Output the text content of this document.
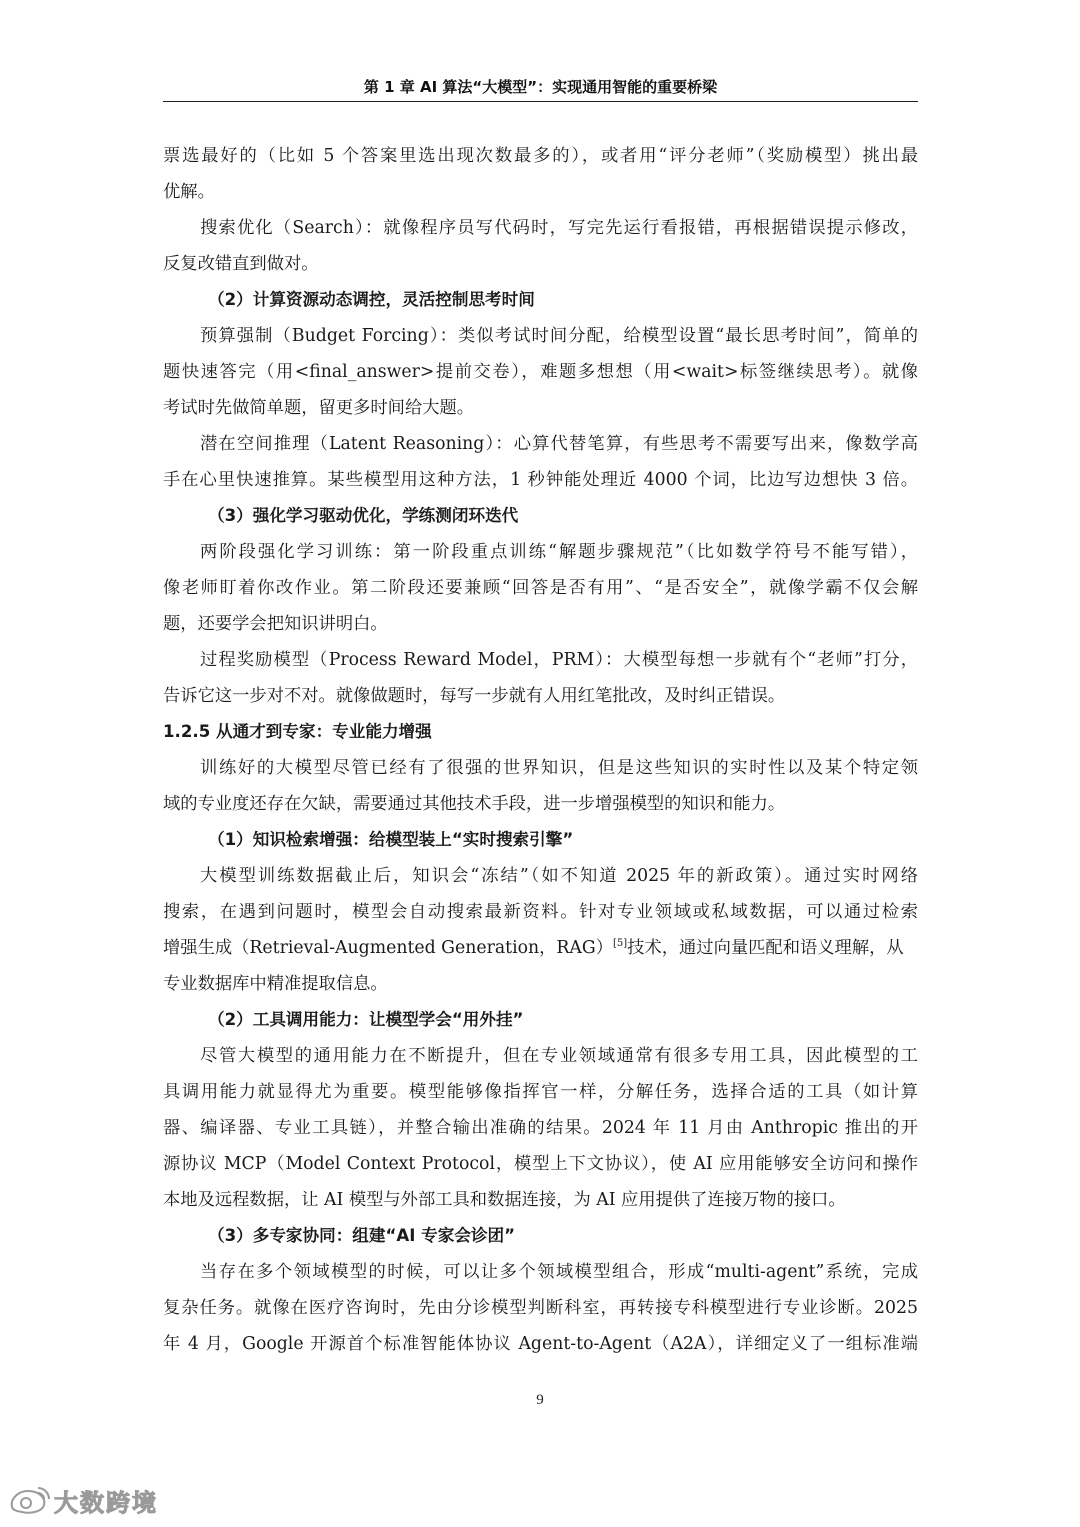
第 1 章 AI 算法“大模型”：实现通用智能的重要桥梁
票选最好的（比如 5 个答案里选出现次数最多的），或者用“评分老师”（奖励模型）挑出最
优解。
搜索优化（Search）：就像程序员写代码时，写完先运行看报错，再根据错误提示修改，
反复改错直到做对。
（2）计算资源动态调控，灵活控制思考时间
预算强制（Budget Forcing）：类似考试时间分配，给模型设置“最长思考时间”，简单的
题快速答完（用<final_answer>提前交卷），难题多想想（用<wait>标签继续思考）。就像
考试时先做简单题，留更多时间给大题。
潜在空间推理（Latent Reasoning）：心算代替笔算，有些思考不需要写出来，像数学高
手在心里快速推算。某些模型用这种方法，1 秒钟能处理近 4000 个词，比边写边想快 3 倍。
（3）强化学习驱动优化，学练测闭环迭代
两阶段强化学习训练：第一阶段重点训练“解题步骤规范”（比如数学符号不能写错），
像老师盯着你改作业。第二阶段还要兼顾“回答是否有用”、“是否安全”，就像学霸不仅会解
题，还要学会把知识讲明白。
过程奖励模型（Process Reward Model，PRM）：大模型每想一步就有个“老师”打分，
告诉它这一步对不对。就像做题时，每写一步就有人用红笔批改，及时纠正错误。
1.2.5 从通才到专家：专业能力增强
训练好的大模型尽管已经有了很强的世界知识，但是这些知识的实时性以及某个特定领
域的专业度还存在欠缺，需要通过其他技术手段，进一步增强模型的知识和能力。
（1）知识检索增强：给模型装上“实时搜索引擎”
大模型训练数据截止后，知识会“冻结”（如不知道 2025 年的新政策）。通过实时网络
搜索，在遇到问题时，模型会自动搜索最新资料。针对专业领域或私域数据，可以通过检索
增强生成（Retrieval-Augmented Generation，RAG）[5]技术，通过向量匹配和语义理解，从
专业数据库中精准提取信息。
（2）工具调用能力：让模型学会“用外挂”
尽管大模型的通用能力在不断提升，但在专业领域通常有很多专用工具，因此模型的工
具调用能力就显得尤为重要。模型能够像指挥官一样，分解任务，选择合适的工具（如计算
器、编译器、专业工具链），并整合输出准确的结果。2024 年 11 月由 Anthropic 推出的开
源协议 MCP（Model Context Protocol，模型上下文协议），使 AI 应用能够安全访问和操作
本地及远程数据，让 AI 模型与外部工具和数据连接，为 AI 应用提供了连接万物的接口。
（3）多专家协同：组建“AI 专家会诊团”
当存在多个领域模型的时候，可以让多个领域模型组合，形成“multi-agent”系统，完成
复杂任务。就像在医疗咨询时，先由分诊模型判断科室，再转接专科模型进行专业诊断。2025
年 4 月，Google 开源首个标准智能体协议 Agent-to-Agent（A2A），详细定义了一组标准端
9
大数跨境
